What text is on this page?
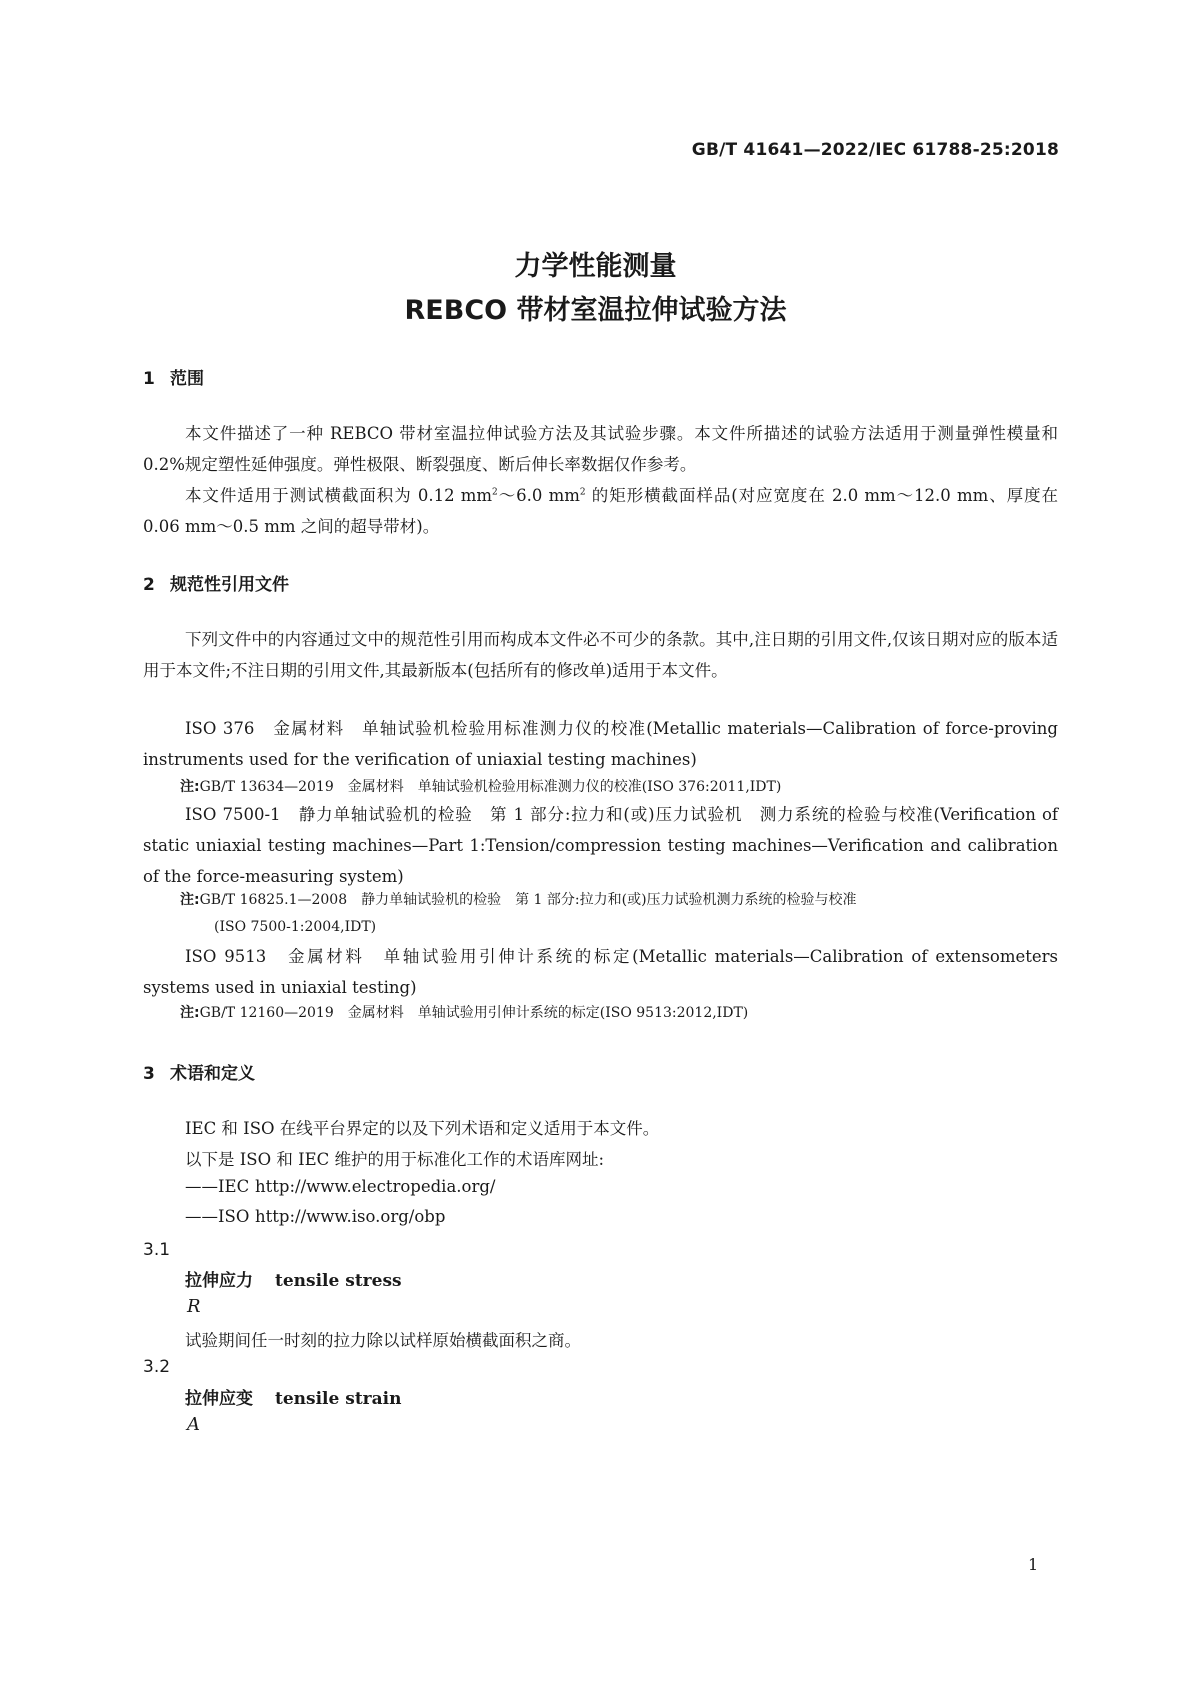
GB/T 41641—2022/IEC 61788-25:2018
力学性能测量
REBCO 带材室温拉伸试验方法
1 范围
本文件描述了一种 REBCO 带材室温拉伸试验方法及其试验步骤。本文件所描述的试验方法适用于测量弹性模量和 0.2%规定塑性延伸强度。弹性极限、断裂强度、断后伸长率数据仅作参考。
本文件适用于测试横截面积为 0.12 $mm^2\sim 6.0$ $mm^2$ 的矩形横截面样品(对应宽度在 2.0 mm～12.0 mm、厚度在 0.06 mm～0.5 mm 之间的超导带材)。
2 规范性引用文件
下列文件中的内容通过文中的规范性引用而构成本文件必不可少的条款。其中,注日期的引用文件,仅该日期对应的版本适用于本文件;不注日期的引用文件,其最新版本(包括所有的修改单)适用于本文件。
ISO 376　金属材料　单轴试验机检验用标准测力仪的校准(Metallic materials—Calibration of force-proving instruments used for the verification of uniaxial testing machines)
注:GB/T 13634—2019　金属材料　单轴试验机检验用标准测力仪的校准(ISO 376:2011,IDT)
ISO 7500-1　静力单轴试验机的检验　第 1 部分:拉力和(或)压力试验机　测力系统的检验与校准(Verification of static uniaxial testing machines—Part 1:Tension/compression testing machines—Verification and calibration of the force-measuring system)
注:GB/T 16825.1—2008　静力单轴试验机的检验　第 1 部分:拉力和(或)压力试验机测力系统的检验与校准
(ISO 7500-1:2004,IDT)
ISO 9513　金属材料　单轴试验用引伸计系统的标定(Metallic materials—Calibration of extensometers systems used in uniaxial testing)
注:GB/T 12160—2019　金属材料　单轴试验用引伸计系统的标定(ISO 9513:2012,IDT)
3 术语和定义
IEC 和 ISO 在线平台界定的以及下列术语和定义适用于本文件。
以下是 ISO 和 IEC 维护的用于标准化工作的术语库网址:
——IEC http://www.electropedia.org/
——ISO http://www.iso.org/obp
3.1
拉伸应力 tensile stress
R
试验期间任一时刻的拉力除以试样原始横截面积之商。
3.2
拉伸应变 tensile strain
A
1
